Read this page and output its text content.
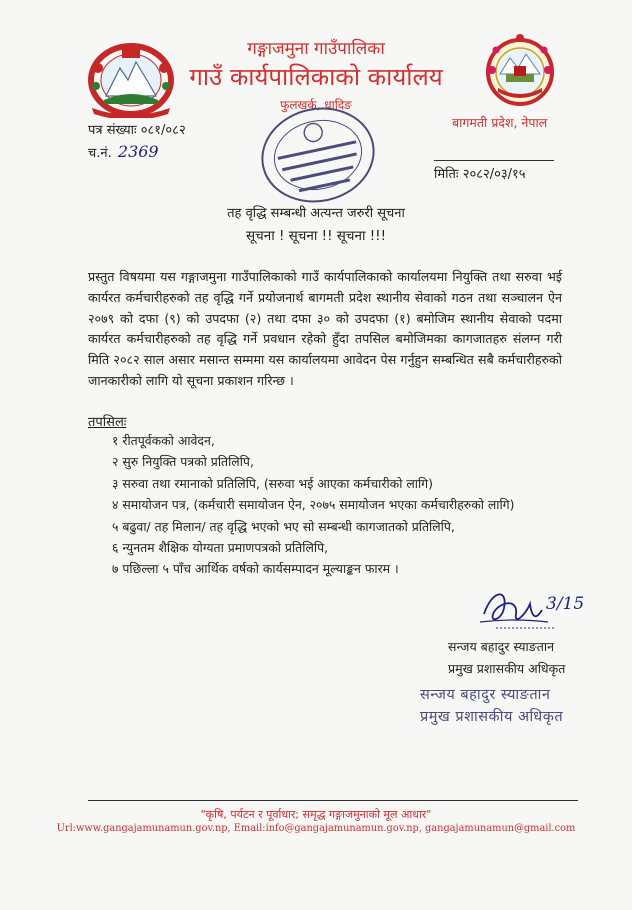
गङ्गाजमुना गाउँपालिका
गाउँ कार्यपालिकाको कार्यालय
फुलखर्क, धादिङ
बागमती प्रदेश, नेपाल
पत्र संख्याः ०८१/०८२
च.नं. 2369
मितिः २०८२/०३/१५
तह वृद्धि सम्बन्धी अत्यन्त जरुरी सूचना
सूचना ! सूचना !! सूचना !!!
प्रस्तुत विषयमा यस गङ्गाजमुना गाउँपालिकाको गाउँ कार्यपालिकाको कार्यालयमा नियुक्ति तथा सरुवा भई कार्यरत कर्मचारीहरुको तह वृद्धि गर्ने प्रयोजनार्थ बागमती प्रदेश स्थानीय सेवाको गठन तथा सञ्चालन ऐन २०७९ को दफा (९) को उपदफा (२) तथा दफा ३० को उपदफा (१) बमोजिम स्थानीय सेवाको पदमा कार्यरत कर्मचारीहरुको तह वृद्धि गर्ने प्रवधान रहेको हुँदा तपसिल बमोजिमका कागजातहरु संलग्न गरी मिति २०८२ साल असार मसान्त सम्ममा यस कार्यालयमा आवेदन पेस गर्नुहुन सम्बन्धित सबै कर्मचारीहरुको जानकारीको लागि यो सूचना प्रकाशन गरिन्छ ।
तपसिलः
१ रीतपूर्वकको आवेदन,
२ सुरु नियुक्ति पत्रको प्रतिलिपि,
३ सरुवा तथा रमानाको प्रतिलिपि, (सरुवा भई आएका कर्मचारीको लागि)
४ समायोजन पत्र, (कर्मचारी समायोजन ऐन, २०७५ समायोजन भएका कर्मचारीहरुको लागि)
५ बढुवा/ तह मिलान/ तह वृद्धि भएको भए सो सम्बन्धी कागजातको प्रतिलिपि,
६ न्युनतम शैक्षिक योग्यता प्रमाणपत्रको प्रतिलिपि,
७ पछिल्ला ५ पाँच आर्थिक वर्षको कार्यसम्पादन मूल्याङ्कन फारम ।
3/15
सन्जय बहादुर स्याङतान
प्रमुख प्रशासकीय अधिकृत
सन्जय बहादुर स्याङतान
प्रमुख प्रशासकीय अधिकृत
"कृषि, पर्यटन र पूर्वाधार; समृद्ध गङ्गाजमुनाको मूल आधार"
Url:www.gangajamunamun.gov.np, Email:info@gangajamunamun.gov.np, gangajamunamun@gmail.com
